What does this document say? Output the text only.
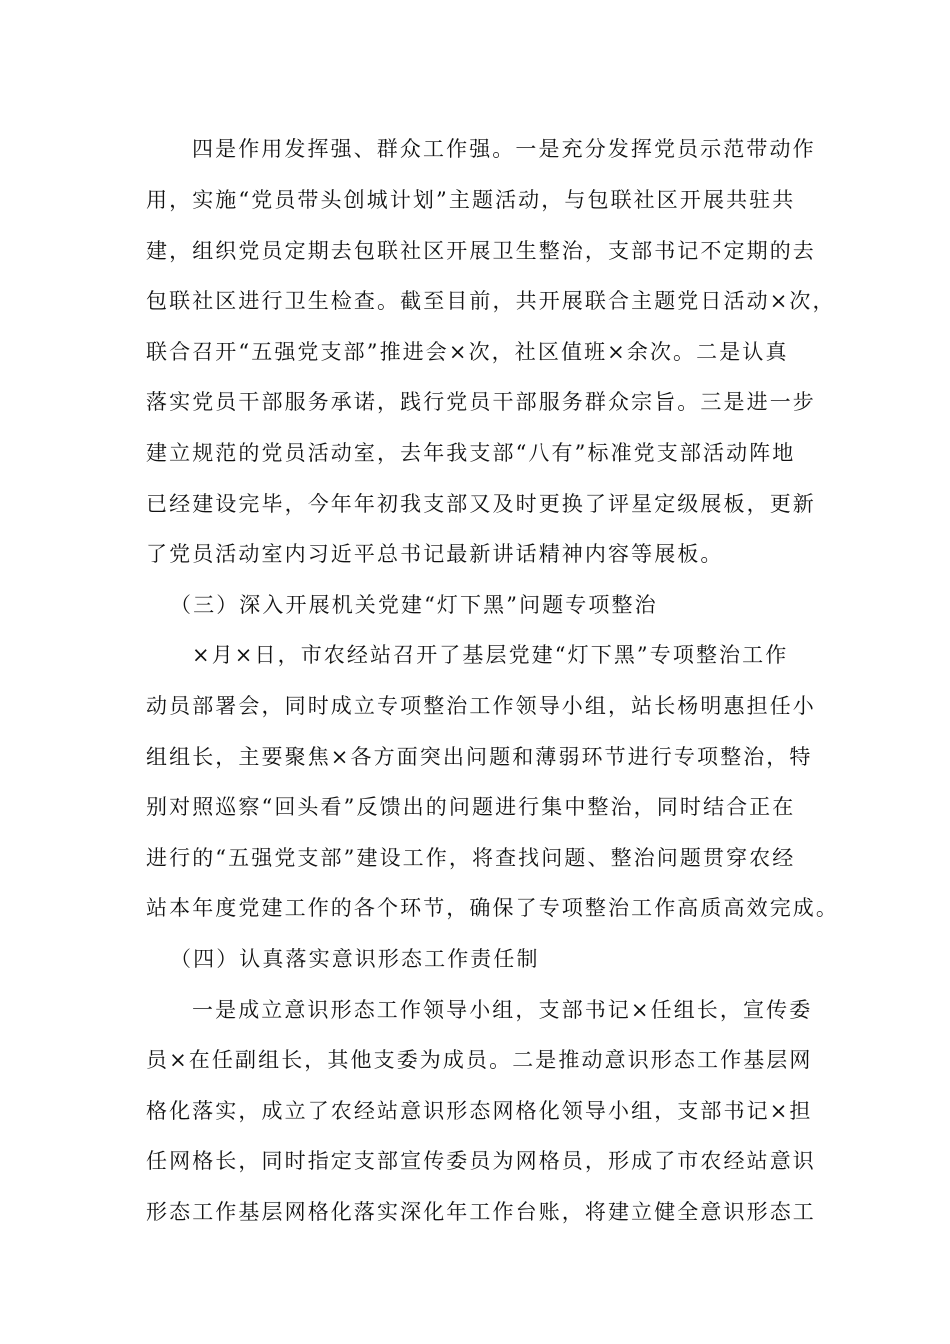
四是作用发挥强、群众工作强。一是充分发挥党员示范带动作
用，实施“党员带头创城计划”主题活动，与包联社区开展共驻共
建，组织党员定期去包联社区开展卫生整治，支部书记不定期的去
包联社区进行卫生检查。截至目前，共开展联合主题党日活动×次，
联合召开“五强党支部”推进会×次，社区值班×余次。二是认真
落实党员干部服务承诺，践行党员干部服务群众宗旨。三是进一步
建立规范的党员活动室，去年我支部“八有”标准党支部活动阵地
已经建设完毕，今年年初我支部又及时更换了评星定级展板，更新
了党员活动室内习近平总书记最新讲话精神内容等展板。
（三）深入开展机关党建“灯下黑”问题专项整治
×月×日，市农经站召开了基层党建“灯下黑”专项整治工作
动员部署会，同时成立专项整治工作领导小组，站长杨明惠担任小
组组长，主要聚焦×各方面突出问题和薄弱环节进行专项整治，特
别对照巡察“回头看”反馈出的问题进行集中整治，同时结合正在
进行的“五强党支部”建设工作，将查找问题、整治问题贯穿农经
站本年度党建工作的各个环节，确保了专项整治工作高质高效完成。
（四）认真落实意识形态工作责任制
一是成立意识形态工作领导小组，支部书记×任组长，宣传委
员×在任副组长，其他支委为成员。二是推动意识形态工作基层网
格化落实，成立了农经站意识形态网格化领导小组，支部书记×担
任网格长，同时指定支部宣传委员为网格员，形成了市农经站意识
形态工作基层网格化落实深化年工作台账，将建立健全意识形态工
